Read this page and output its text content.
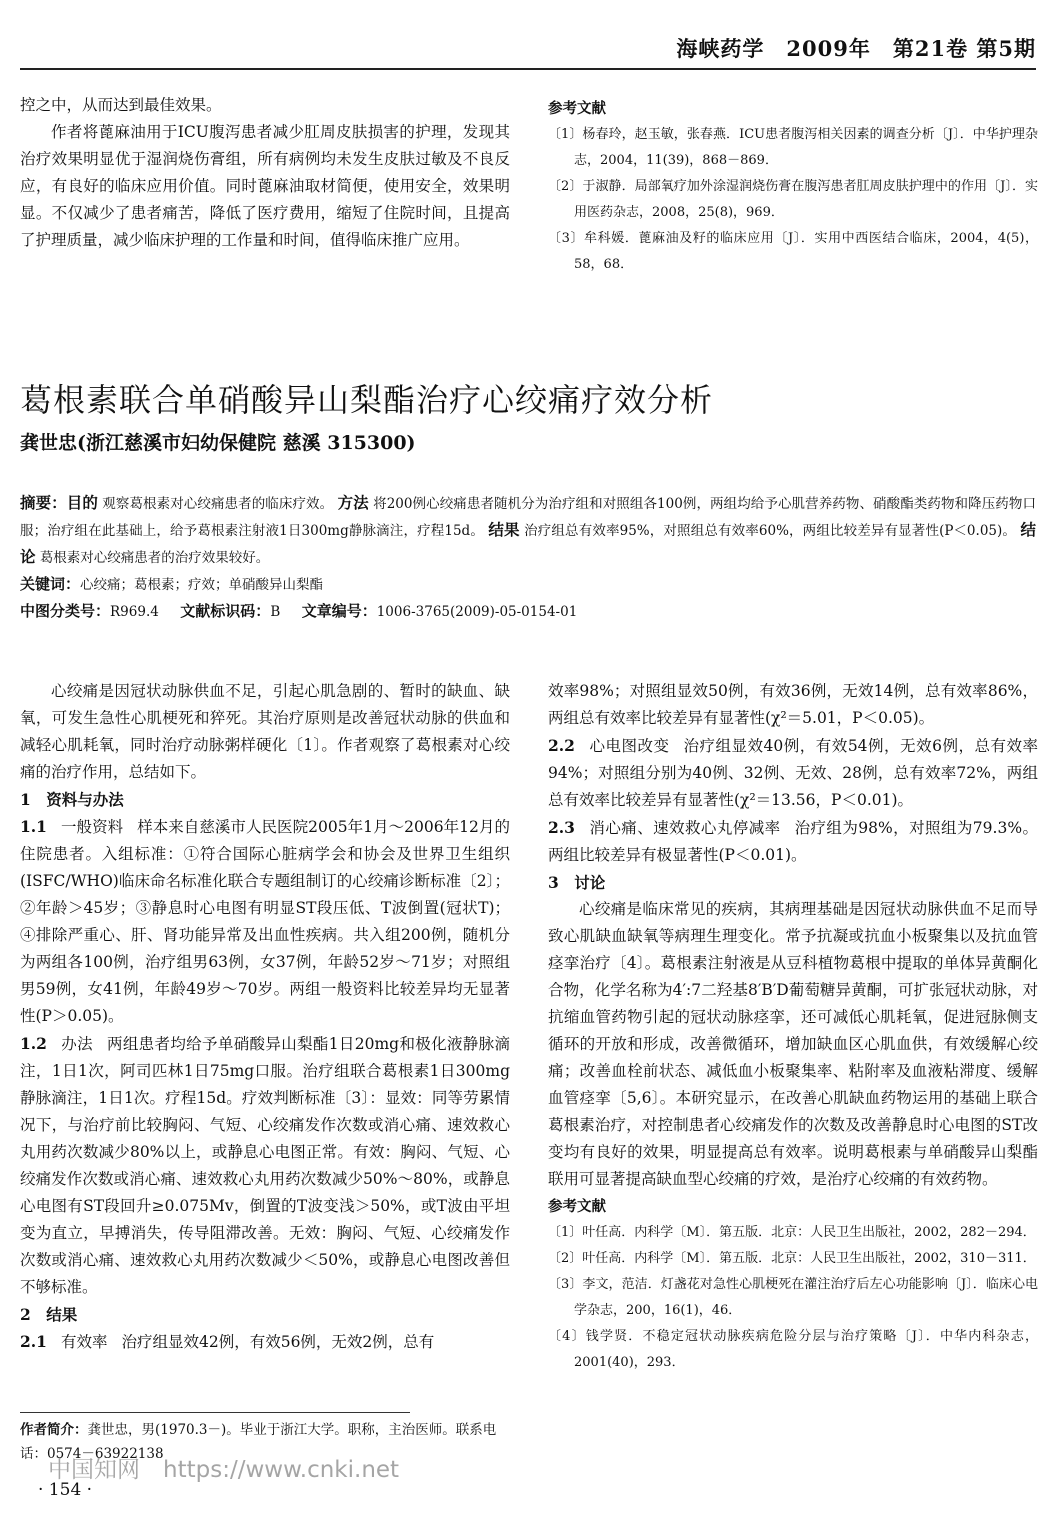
海峡药学　2009年　第21卷 第5期

控之中，从而达到最佳效果。

作者将蓖麻油用于ICU腹泻患者减少肛周皮肤损害的护理，发现其治疗效果明显优于湿润烧伤膏组，所有病例均未发生皮肤过敏及不良反应，有良好的临床应用价值。同时蓖麻油取材简便，使用安全，效果明显。不仅减少了患者痛苦，降低了医疗费用，缩短了住院时间，且提高了护理质量，减少临床护理的工作量和时间，值得临床推广应用。

参考文献

〔1〕杨春玲，赵玉敏，张春燕．ICU患者腹泻相关因素的调查分析〔J〕．中华护理杂志，2004，11(39)，868－869．
〔2〕于淑静．局部氧疗加外涂湿润烧伤膏在腹泻患者肛周皮肤护理中的作用〔J〕．实用医药杂志，2008，25(8)，969．
〔3〕牟科媛．蓖麻油及籽的临床应用〔J〕．实用中西医结合临床，2004，4(5)，58，68．
葛根素联合单硝酸异山梨酯治疗心绞痛疗效分析
龚世忠(浙江慈溪市妇幼保健院 慈溪 315300)
摘要：目的 观察葛根素对心绞痛患者的临床疗效。 方法 将200例心绞痛患者随机分为治疗组和对照组各100例，两组均给予心肌营养药物、硝酸酯类药物和降压药物口服；治疗组在此基础上，给予葛根素注射液1日300mg静脉滴注，疗程15d。 结果 治疗组总有效率95%，对照组总有效率60%，两组比较差异有显著性(P＜0.05)。 结论 葛根素对心绞痛患者的治疗效果较好。
关键词：心绞痛；葛根素；疗效；单硝酸异山梨酯
中图分类号：R969.4 文献标识码：B 文章编号：1006-3765(2009)-05-0154-01

心绞痛是因冠状动脉供血不足，引起心肌急剧的、暂时的缺血、缺氧，可发生急性心肌梗死和猝死。其治疗原则是改善冠状动脉的供血和减轻心肌耗氧，同时治疗动脉粥样硬化〔1〕。作者观察了葛根素对心绞痛的治疗作用，总结如下。

1　资料与办法

1.1 一般资料 样本来自慈溪市人民医院2005年1月～2006年12月的住院患者。入组标准：①符合国际心脏病学会和协会及世界卫生组织(ISFC/WHO)临床命名标准化联合专题组制订的心绞痛诊断标准〔2〕；②年龄＞45岁；③静息时心电图有明显ST段压低、T波倒置(冠状T)；④排除严重心、肝、肾功能异常及出血性疾病。共入组200例，随机分为两组各100例，治疗组男63例，女37例，年龄52岁～71岁；对照组男59例，女41例，年龄49岁～70岁。两组一般资料比较差异均无显著性(P＞0.05)。

1.2 办法 两组患者均给予单硝酸异山梨酯1日20mg和极化液静脉滴注，1日1次，阿司匹林1日75mg口服。治疗组联合葛根素1日300mg静脉滴注，1日1次。疗程15d。疗效判断标准〔3〕：显效：同等劳累情况下，与治疗前比较胸闷、气短、心绞痛发作次数或消心痛、速效救心丸用药次数减少80%以上，或静息心电图正常。有效：胸闷、气短、心绞痛发作次数或消心痛、速效救心丸用药次数减少50%～80%，或静息心电图有ST段回升≥0.075Mv，倒置的T波变浅＞50%，或T波由平坦变为直立，早搏消失，传导阻滞改善。无效：胸闷、气短、心绞痛发作次数或消心痛、速效救心丸用药次数减少＜50%，或静息心电图改善但不够标准。

2　结果

2.1 有效率 治疗组显效42例，有效56例，无效2例，总有

效率98%；对照组显效50例，有效36例，无效14例，总有效率86%，两组总有效率比较差异有显著性(χ²＝5.01，P＜0.05)。

2.2 心电图改变 治疗组显效40例，有效54例，无效6例，总有效率94%；对照组分别为40例、32例、无效、28例，总有效率72%，两组总有效率比较差异有显著性(χ²＝13.56，P＜0.01)。

2.3 消心痛、速效救心丸停减率 治疗组为98%，对照组为79.3%。两组比较差异有极显著性(P＜0.01)。

3　讨论

心绞痛是临床常见的疾病，其病理基础是因冠状动脉供血不足而导致心肌缺血缺氧等病理生理变化。常予抗凝或抗血小板聚集以及抗血管痉挛治疗〔4〕。葛根素注射液是从豆科植物葛根中提取的单体异黄酮化合物，化学名称为4′:7二羟基8′B′D葡萄糖异黄酮，可扩张冠状动脉，对抗缩血管药物引起的冠状动脉痉挛，还可减低心肌耗氧，促进冠脉侧支循环的开放和形成，改善微循环，增加缺血区心肌血供，有效缓解心绞痛；改善血栓前状态、减低血小板聚集率、粘附率及血液粘滞度、缓解血管痉挛〔5,6〕。本研究显示，在改善心肌缺血药物运用的基础上联合葛根素治疗，对控制患者心绞痛发作的次数及改善静息时心电图的ST改变均有良好的效果，明显提高总有效率。说明葛根素与单硝酸异山梨酯联用可显著提高缺血型心绞痛的疗效，是治疗心绞痛的有效药物。

参考文献

〔1〕叶任高．内科学〔M〕．第五版．北京：人民卫生出版社，2002，282－294．
〔2〕叶任高．内科学〔M〕．第五版．北京：人民卫生出版社，2002，310－311．
〔3〕李文，范洁．灯盏花对急性心肌梗死在灌注治疗后左心功能影响〔J〕．临床心电学杂志，200，16(1)，46．
〔4〕钱学贤．不稳定冠状动脉疾病危险分层与治疗策略〔J〕．中华内科杂志，2001(40)，293．
作者简介：龚世忠，男(1970.3－)。毕业于浙江大学。职称，主治医师。联系电话：0574－63922138
中国知网　https://www.cnki.net
· 154 ·
